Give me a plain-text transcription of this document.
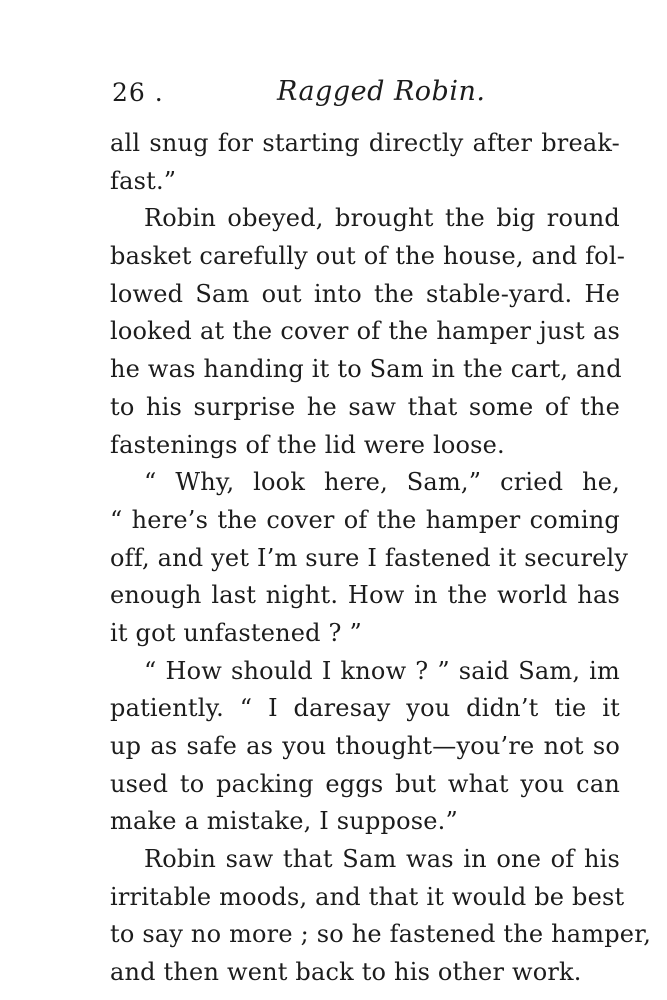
26 .	Ragged Robin.
all snug for starting directly after break-
fast.”
Robin obeyed, brought the big round
basket carefully out of the house, and fol-
lowed Sam out into the stable-yard. He
looked at the cover of the hamper just as
he was handing it to Sam in the cart, and
to his surprise he saw that some of the
fastenings of the lid were loose.
“ Why, look here, Sam,” cried he,
“ here’s the cover of the hamper coming
off, and yet I’m sure I fastened it securely
enough last night. How in the world has
it got unfastened ? ”
“ How should I know ? ” said Sam, im
patiently. “ I daresay you didn’t tie it
up as safe as you thought—you’re not so
used to packing eggs but what you can
make a mistake, I suppose.”
Robin saw that Sam was in one of his
irritable moods, and that it would be best
to say no more ; so he fastened the hamper,
and then went back to his other work.
